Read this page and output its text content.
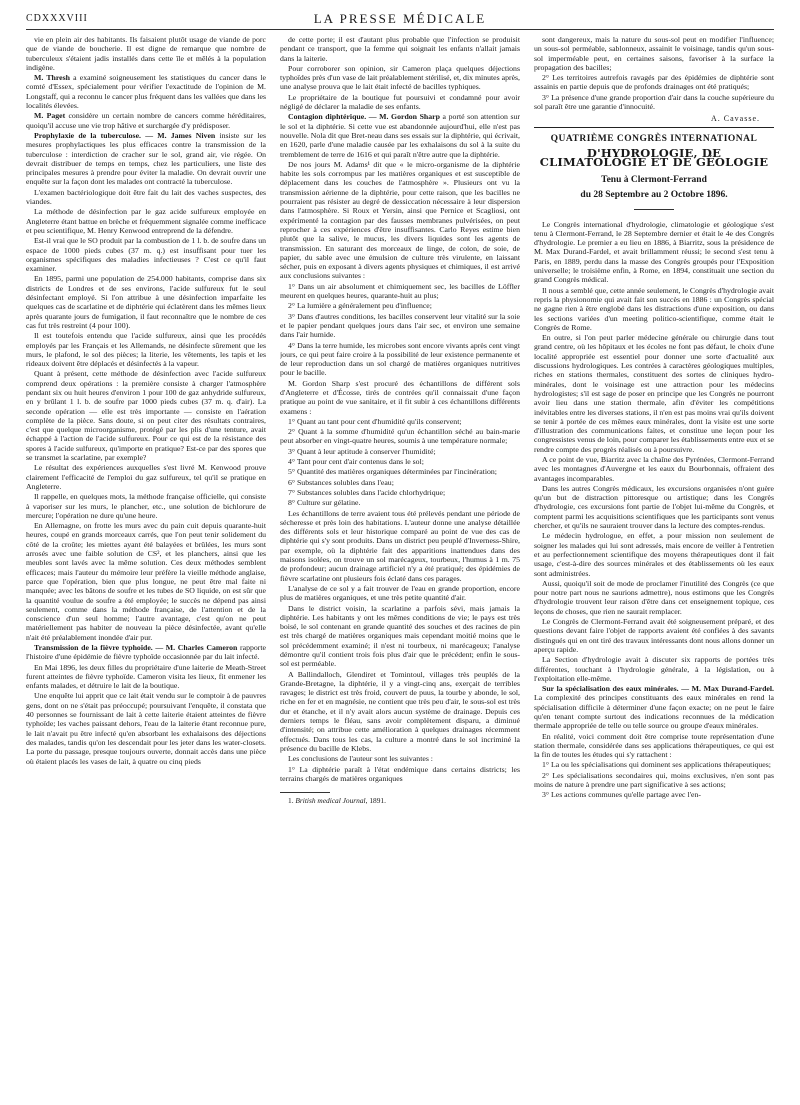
CDXXXVIII	LA PRESSE MÉDICALE

vie en plein air des habitants. Ils faisaient plutôt usage de viande de porc que de viande de boucherie. Il est digne de remarque que nombre de tuberculeux s'étaient jadis installés dans cette île et mêlés à la population indigène.

M. Thresh a examiné soigneusement les statistiques du cancer dans le comté d'Essex, spécialement pour vérifier l'exactitude de l'opinion de M. Longstaff, qui a reconnu le cancer plus fréquent dans les vallées que dans les localités élevées.

M. Paget considère un certain nombre de cancers comme héréditaires, quoiqu'il accuse une vie trop hâtive et surchargée d'y prédisposer.

Prophylaxie de la tuberculose. — M. James Niven insiste sur les mesures prophylactiques les plus efficaces contre la transmission de la tuberculose : interdiction de cracher sur le sol, grand air, vie régée. On devrait distribuer de temps en temps, chez les particuliers, une liste des principales mesures à prendre pour éviter la maladie. On devrait ouvrir une enquête sur la façon dont les malades ont contracté la tuberculose.

L'examen bactériologique doit être fait du lait des vaches suspectes, des viandes.

La méthode de désinfection par le gaz acide sulfureux employée en Angleterre étant battue en brèche et fréquemment signalée comme inefficace et peu scientifique, M. Henry Kenwood entreprend de la défendre.

Est-il vrai que le SO produit par la combustion de 1 l. b. de soufre dans un espace de 1000 pieds cubes (37 m. q.) est insuffisant pour tuer les organismes spécifiques des maladies infectieuses ? C'est ce qu'il faut examiner.

En 1895, parmi une population de 254.000 habitants, comprise dans six districts de Londres et de ses environs, l'acide sulfureux fut le seul désinfectant employé. Si l'on attribue à une désinfection imparfaite les quelques cas de scarlatine et de diphtérie qui éclatèrent dans les mêmes lieux après quarante jours de fumigation, il faut reconnaître que le nombre de ces cas fut très restreint (4 pour 100).

Il est toutefois entendu que l'acide sulfureux, ainsi que les procédés employés par les Français et les Allemands, ne désinfecte sûrement que les murs, le plafond, le sol des pièces; la literie, les vêtements, les tapis et les rideaux doivent être déplacés et désinfectés à la vapeur.

Quant à présent, cette méthode de désinfection avec l'acide sulfureux comprend deux opérations : la première consiste à charger l'atmosphère pendant six ou huit heures d'environ 1 pour 100 de gaz anhydride sulfureux, en y brûlant 1 l. b. de soufre par 1000 pieds cubes (37 m. q. d'air). La seconde opération — elle est très importante — consiste en l'aération complète de la pièce. Sans doute, si on peut citer des résultats contraires, c'est que quelque microorganisme, protégé par les plis d'une tenture, avait échappé à l'action de l'acide sulfureux. Pour ce qui est de la résistance des spores à l'acide sulfureux, qu'importe en pratique? Est-ce par des spores que se transmet la scarlatine, par exemple?

Le résultat des expériences auxquelles s'est livré M. Kenwood prouve clairement l'efficacité de l'emploi du gaz sulfureux, tel qu'il se pratique en Angleterre.

Il rappelle, en quelques mots, la méthode française officielle, qui consiste à vaporiser sur les murs, le plancher, etc., une solution de bichlorure de mercure; l'opération ne dure qu'une heure.

En Allemagne, on frotte les murs avec du pain cuit depuis quarante-huit heures, coupé en grands morceaux carrés, que l'on peut tenir solidement du côté de la croûte; les miettes ayant été balayées et brûlées, les murs sont arrosés avec une faible solution de CS², et les planchers, ainsi que les meubles sont lavés avec la même solution. Ces deux méthodes semblent efficaces; mais l'auteur du mémoire leur préfère la vieille méthode anglaise, parce que l'opération, bien que plus longue, ne peut être mal faite ni manquée; avec les bâtons de soufre et les tubes de SO liquide, on est sûr que la quantité voulue de soufre a été employée; le succès ne dépend pas ainsi seulement, comme dans la méthode française, de l'attention et de la conscience d'un seul homme; l'autre avantage, c'est qu'on ne peut matériellement pas habiter de nouveau la pièce désinfectée, avant qu'elle n'ait été préalablement inondée d'air pur.

Transmission de la fièvre typhoïde. — M. Charles Cameron rapporte l'histoire d'une épidémie de fièvre typhoïde occasionnée par du lait infecté.

En Mai 1896, les deux filles du propriétaire d'une laiterie de Meath-Street furent atteintes de fièvre typhoïde. Cameron visita les lieux, fit enmener les enfants malades, et détruire le lait de la boutique.

Une enquête lui apprit que ce lait était vendu sur le comptoir à de pauvres gens, dont on ne s'était pas préoccupé; poursuivant l'enquête, il constata que 40 personnes se fournissant de lait à cette laiterie étaient atteintes de fièvre typhoïde; les vaches paissant dehors, l'eau de la laiterie étant reconnue pure, le lait n'avait pu être infecté qu'en absorbant les exhalaisons des déjections des malades, tandis qu'on les descendait pour les jeter dans les water-closets. La porte du passage, presque toujours ouverte, donnait accès dans une pièce où étaient placés les vases de lait, à quatre ou cinq pieds

de cette porte; il est d'autant plus probable que l'infection se produisit pendant ce transport, que la femme qui soignait les enfants n'allait jamais dans la laiterie.

Pour corroborer son opinion, sir Cameron plaça quelques déjections typhoïdes près d'un vase de lait préalablement stérilisé, et, dix minutes après, une analyse prouva que le lait était infecté de bacilles typhiques.

Le propriétaire de la boutique fut poursuivi et condamné pour avoir négligé de déclarer la maladie de ses enfants.

Contagion diphtérique. — M. Gordon Sharp a porté son attention sur le sol et la diphtérie. Si cette vue est abandonnée aujourd'hui, elle n'est pas nouvelle. Nola dit que Bret-neau dans ses essais sur la diphtérie, qui écrivait, en 1620, parle d'une maladie causée par les exhalaisons du sol à la suite du tremblement de terre de 1616 et qui paraît n'être autre que la diphtérie.

De nos jours M. Adams¹ dit que « le micro-organisme de la diphtérie habite les sols corrompus par les matières organiques et est susceptible de déplacement dans les couches de l'atmosphère ». Plusieurs ont vu la transmission aérienne de la diphtérie, pour cette raison, que les bacilles ne pourraient pas résister au degré de dessiccation nécessaire à leur dispersion dans l'atmosphère. Si Roux et Yersin, ainsi que Pernice et Scagliosi, ont expérimenté la contagion par des fausses membranes pulvérisées, on peut reprocher à ces expériences d'être insuffisantes. Carlo Reyes estime bien plutôt que la salive, le mucus, les divers liquides sont les agents de transmission. En saturant des morceaux de linge, de colon, de soie, de papier, du sable avec une émulsion de culture très virulente, en laissant sécher, puis en exposant à divers agents physiques et chimiques, il est arrivé aux conclusions suivantes :

1° Dans un air absolument et chimiquement sec, les bacilles de Löffler meurent en quelques heures, quarante-huit au plus;

2° La lumière a généralement peu d'influence;

3° Dans d'autres conditions, les bacilles conservent leur vitalité sur la soie et le papier pendant quelques jours dans l'air sec, et environ une semaine dans l'air humide.

4° Dans la terre humide, les microbes sont encore vivants après cent vingt jours, ce qui peut faire croire à la possibilité de leur existence permanente et de leur reproduction dans un sol chargé de matières organiques nutritives pour le bacille.

M. Gordon Sharp s'est procuré des échantillons de différent sols d'Angleterre et d'Écosse, tirés de contrées qu'il connaissait d'une façon pratique au point de vue sanitaire, et il fit subir à ces échantillons différents examens :

1° Quant au tant pour cent d'humidité qu'ils conservent;

2° Quant à la somme d'humidité qu'un échantillon séché au bain-marie peut absorber en vingt-quatre heures, soumis à une température normale;

3° Quant à leur aptitude à conserver l'humidité;

4° Tant pour cent d'air contenus dans le sol;

5° Quantité des matières organiques déterminées par l'incinération;

6° Substances solubles dans l'eau;

7° Substances solubles dans l'acide chlorhydrique;

8° Culture sur gélatine.

Les échantillons de terre avaient tous été prélevés pendant une période de sécheresse et près loin des habitations. L'auteur donne une analyse détaillée des différents sols et leur historique comparé au point de vue des cas de diphtérie qui s'y sont produits. Dans un district peu peuplé d'Inverness-Shire, par exemple, où la diphtérie fait des apparitions inattendues dans des maisons isolées, on trouve un sol marécageux, tourbeux, l'humus à 1 m. 75 de profondeur; aucun drainage artificiel n'y a été pratiqué; des épidémies de fièvre scarlatine ont plusieurs fois éclaté dans ces parages.

L'analyse de ce sol y a fait trouver de l'eau en grande proportion, encore plus de matières organiques, et une très petite quantité d'air.

Dans le district voisin, la scarlatine a parfois sévi, mais jamais la diphtérie. Les habitants y ont les mêmes conditions de vie; le pays est très boisé, le sol contenant en grande quantité des souches et des racines de pin est très chargé de matières organiques mais cependant moitié moins que le sol précédemment examiné; il n'est ni tourbeux, ni marécageux; l'analyse démontre qu'il contient trois fois plus d'air que le précédent; enfin le sous-sol est perméable.

A Ballindalloch, Glendiret et Tomintoul, villages très peuplés de la Grande-Bretagne, la diphtérie, il y a vingt-cinq ans, exerçait de terribles ravages; le district est très froid, couvert de puus, la tourbe y abonde, le sol, riche en fer et en magnésie, ne contient que très peu d'air, le sous-sol est très dur et étanche, et il n'y avait alors aucun système de drainage. Depuis ces derniers temps le fléau, sans avoir complètement disparu, a diminué d'intensité; on attribue cette amélioration à quelques drainages récemment effectués. Dans tous les cas, la culture a montré dans le sol incriminé la présence du bacille de Klebs.

Les conclusions de l'auteur sont les suivantes :

1° La diphtérie paraît à l'état endémique dans certains districts; les terrains chargés de matières organiques

1. British medical Journal, 1891.

sont dangereux, mais la nature du sous-sol peut en modifier l'influence; un sous-sol perméable, sablonneux, assainit le voisinage, tandis qu'un sous-sol imperméable peut, en certaines saisons, favoriser à la surface la propagation des bacilles;

2° Les territoires autrefois ravagés par des épidémies de diphtérie sont assainis en partie depuis que de profonds drainages ont été pratiqués;

3° La présence d'une grande proportion d'air dans la couche supérieure du sol paraît être une garantie d'innocuité.

A. Cavasse.
QUATRIÈME CONGRÈS INTERNATIONAL
D'HYDROLOGIE, DE CLIMATOLOGIE ET DE GÉOLOGIE
Tenu à Clermont-Ferrand
du 28 Septembre au 2 Octobre 1896.

Le Congrès international d'hydrologie, climatologie et géologique s'est tenu à Clermont-Ferrand, le 28 Septembre dernier et était le 4e des Congrès d'hydrologie. Le premier a eu lieu en 1886, à Biarritz, sous la présidence de M. Max Durand-Fardel, et avait brillamment réussi; le second s'est tenu à Paris, en 1889, perdu dans la masse des Congrès groupés pour l'Exposition universelle; le troisième enfin, à Rome, en 1894, constituait une section du grand Congrès médical.

Il nous a semblé que, cette année seulement, le Congrès d'hydrologie avait repris la physionomie qui avait fait son succès en 1886 : un Congrès spécial ne gagne rien à être englobé dans les distractions d'une exposition, ou dans les sections variées d'un meeting politico-scientifique, comme était le Congrès de Rome.

En outre, si l'on peut parler médecine générale ou chirurgie dans tout grand centre, où les hôpitaux et les écoles ne font pas défaut, le choix d'une localité appropriée est essentiel pour donner une sorte d'actualité aux discussions hydrologiques. Les contrées à caractères géologiques multiples, riches en stations thermales, constituent des sortes de cliniques hydro-minérales, dont le voisinage est une attraction pour les médecins hydrologistes; s'il est sage de poser en principe que les Congrès ne pourront avoir lieu dans une station thermale, afin d'éviter les compétitions inévitables entre les diverses stations, il n'en est pas moins vrai qu'ils doivent se tenir à portée de ces mêmes eaux minérales, dont la visite est une sorte d'illustration des communications faites, et constitue une leçon pour les congressistes venus de loin, pour comparer les établissements entre eux et se rendre compte des progrès réalisés ou à poursuivre.

A ce point de vue, Biarritz avec la chaîne des Pyrénées, Clermont-Ferrand avec les montagnes d'Auvergne et les eaux du Bourbonnais, offraient des avantages incomparables.

Dans les autres Congrès médicaux, les excursions organisées n'ont guère qu'un but de distraction pittoresque ou artistique; dans les Congrès d'hydrologie, ces excursions font partie de l'objet lui-même du Congrès, et comptent parmi les acquisitions scientifiques que les participants sont venus chercher, et qu'ils ne sauraient trouver dans la lecture des comptes-rendus.

Le médecin hydrologue, en effet, a pour mission non seulement de soigner les malades qui lui sont adressés, mais encore de veiller à l'entretien et au perfectionnement scientifique des moyens thérapeutiques dont il fait usage, c'est-à-dire des sources minérales et des établissements où les eaux sont administrées.

Aussi, quoiqu'il soit de mode de proclamer l'inutilité des Congrès (ce que pour notre part nous ne saurions admettre), nous estimons que les Congrès d'hydrologie trouvent leur raison d'être dans cet enseignement topique, ces leçons de choses, que rien ne saurait remplacer.

Le Congrès de Clermont-Ferrand avait été soigneusement préparé, et des questions devant faire l'objet de rapports avaient été confiées à des savants distingués qui en ont tiré des travaux intéressants dont nous allons donner un aperçu rapide.

La Section d'hydrologie avait à discuter six rapports de portées très différentes, touchant à l'hydrologie générale, à la législation, ou à l'exploitation elle-même.

Sur la spécialisation des eaux minérales. — M. Max Durand-Fardel. La complexité des principes constituants des eaux minérales en rend la spécialisation difficile à déterminer d'une façon exacte; on ne peut le faire qu'en tenant compte surtout des indications reconnues de la médication thermale appropriée de telle ou telle source ou groupe d'eaux minérales.

En réalité, voici comment doit être comprise toute représentation d'une station thermale, considérée dans ses applications thérapeutiques, ce qui est la fin de toutes les études qui s'y rattachent :

1° La ou les spécialisations qui dominent ses applications thérapeutiques;

2° Les spécialisations secondaires qui, moins exclusives, n'en sont pas moins de nature à prendre une part significative à ses actions;

3° Les actions communes qu'elle partage avec l'en-
